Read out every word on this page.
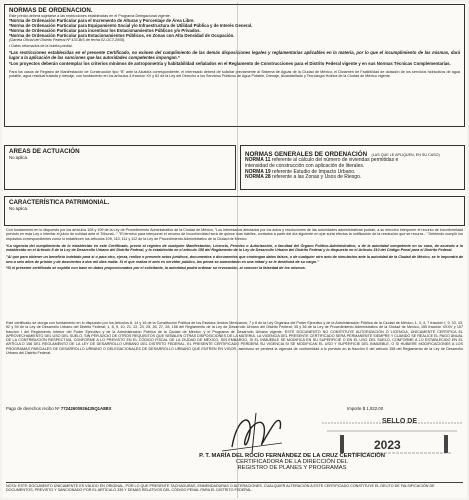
NORMAS DE ORDENACION.
Este predio deberá sujetarse a las restricciones establecidas en el Programa Delegacional vigente.
*Norma de Ordenación Particular para el Incremento de Alturas y Porcentaje de Área Libre.
*Norma de Ordenación Particular para Equipamiento Social y/o Infraestructura de Utilidad Pública y de Interés General.
*Norma de Ordenación Particular para incentivar los Estacionamientos Públicos y/o Privados.
*Norma de Ordenación Particular para Estacionamientos Públicos, en Zonas con Alta Densidad de Ocupación.
(Gaceta Oficial del Distrito Federal Nº 433-BIS de fecha 02-OCT-2008).
• Datos retomados de la boleta predial.
*Las restricciones establecidas en el presente Certificado, no eximen del cumplimiento de las demás disposiciones legales y reglamentarias aplicables en la materia, por lo que el incumplimiento de las mismas, dará lugar a la aplicación de las sanciones que las autoridades competentes impongan.*
*Los proyectos deberán contemplar los criterios mínimos de antropometría y habitabilidad señalados en el Reglamento de Construcciones para el Distrito Federal vigente y en sus Normas Técnicas Complementarias.
Para los casos de Registro de Manifestación de Construcción tipo "B" ante la Alcaldía correspondiente, el interesado deberá de solicitar previamente al Sistema de Aguas de la Ciudad de México, el Dictamen de Factibilidad de dotación de los servicios hidráulicos de agua potable, agua residual tratada y drenaje, con fundamento en los artículos 4 fracción XV y 62 de la Ley del Derecho a los Servicios Públicos de Agua Potable, Drenaje, Alcantarillado y Tecnología Hídrica de la Ciudad de México vigente.
AREAS DE ACTUACIÓN
No aplica.	NORMAS GENERALES DE ORDENACIÓN (LAS QUE LE APLIQUEN, EN SU CASO)
NORMA 11 referente al cálculo del número de viviendas permitidas e
intensidad de construcción con aplicación de literales.
NORMA 19 referente Estudio de Impacto Urbano.
NORMA 28 referente a las Zonas y Usos de Riesgo.
CARACTERÍSTICA PATRIMONIAL.
No aplica.
Con fundamento en lo dispuesto por los artículos 108 y 109 de la Ley de Procedimiento Administrativo de la Ciudad de México, "Los interesados afectados por los actos y resoluciones de las autoridades administrativas podrán, a su elección interponer el recurso de inconformidad previsto en esta Ley o intentar el juicio de nulidad ante el Tribunal..." "El término para interponer el recurso de inconformidad será de quince días hábiles, contados a partir del día siguiente en que surta efectos la notificación de la resolución que se recurra..." Debiendo cumplir los requisitos correspondientes como lo establecen los artículos 109, 110, 111 y 112 de la Ley de Procedimiento Administrativo de la Ciudad de México.
*La vigencia del cumplimiento de lo establecido en este Certificado, previo al registro de cualquier Manifestación, Licencia, Permiso o Autorización, a facultad del Órgano Político-Administrativo, o de la autoridad competente en su caso, de acuerdo a lo establecido en el Artículo 8 de la Ley de Desarrollo Urbano del Distrito Federal, y lo establecido en el artículo 158 del Reglamento de la Ley de Desarrollo Urbano del Distrito Federal y lo dispuesto en el Artículo 310 del Código Penal para el Distrito Federal.
"Al que para obtener un beneficio indebido para sí o para otro, ejerza, realice o presente actos jurídicos, documentos o documentos que contengan datos falsos, o de cualquier otro acto de simulación ante la autoridad de la Ciudad de México, se le impondrá de uno a seis años de prisión y de doscientos a dos mil días multa. Si el que realiza el acto es servidor público, las penas se aumentarán en una mitad y se le destituirá de su cargo."
*Si el presente certificado se expidió con base en datos proporcionados por el solicitante, la autoridad podrá ordenar su revocación, al conocer la falsedad de los mismos.
Este certificado se otorga con fundamento en lo dispuesto por los Artículos 8, 14 y 16 de la Constitución Política de los Estados Unidos Mexicanos; 7 y 8 de la Ley Orgánica del Poder Ejecutivo y de la Administración Pública de la Ciudad de México; 1, 3, 4, 7 fracción I, 9, 33, 43, 92 y 94 de la Ley de Desarrollo Urbano del Distrito Federal; 1, 8, 9, 10, 21, 22, 23, 25, 26, 27, 28, 158 del Reglamento de la Ley de Desarrollo Urbano del Distrito Federal; 35 y 36 de la Ley de Procedimiento Administrativo de la Ciudad de México; 155 fracción XXXV y 157 fracción I del Reglamento Interior del Poder Ejecutivo y de la Administración Pública de la Ciudad de México; y el Programa de Desarrollo Urbano vigente. ESTE DOCUMENTO NO CONSTITUYE AUTORIZACIÓN O LICENCIA, ÚNICAMENTE CERTIFICA EL APROVECHAMIENTO DEL USO DEL SUELO, SIN PERJUICIO DE OTROS REQUISITOS QUE SEÑALEN OTRAS DISPOSICIONES DE LA MATERIA. LA VIGENCIA DEL PRESENTE CERTIFICADO SERÁ PERMANENTE SIEMPRE Y CUANDO SE REALICE EL PAGO ANUAL DE LA CONTRIBUCIÓN RESPECTIVA, CONFORME A LO PREVISTO EN EL CÓDIGO FISCAL DE LA CIUDAD DE MÉXICO, SIN EMBARGO, SI EL INMUEBLE SE MODIFICA EN SU SUPERFICIE O EN EL USO DEL SUELO, CONFORME A LO ESTABLECIDO EN EL ARTÍCULO 158 DEL REGLAMENTO DE LA LEY DE DESARROLLO URBANO DEL DISTRITO FEDERAL, EL PRESENTE CERTIFICADO PERDERÁ SU VIGENCIA SI SE MODIFICAN EL USO Y SUPERFICIE DEL INMUEBLE, O SI HUBIERE MODIFICACIONES A LOS PROGRAMAS PARCIALES DE DESARROLLO URBANO O DELEGACIONALES DE DESARROLLO URBANO QUE ENTREN EN VIGOR, asimismo se perderá la vigencia de conformidad a lo previsto en la fracción II del artículo 158 del Reglamento de la Ley de Desarrollo Urbano del Distrito Federal.
Pago de derechos recibo Nº 77242600926435Q1A8BX	Importe $ 1,822.00
SELLO DE
2023
P. T. MARÍA DEL ROCÍO FERNÁNDEZ DE LA CRUZ CERTIFICACIÓN
CERTIFICADORA DE LA DIRECCIÓN DEL
REGISTRO DE PLANES Y PROGRAMAS
NOTA: ESTE DOCUMENTO ÚNICAMENTE ES VÁLIDO EN ORIGINAL, POR LO QUE PRESENTE TACHADURAS, ENMENDADURAS O ALTERACIONES. CUALQUIER ALTERACIÓN A ESTE CERTIFICADO CONSTITUYE EL DELITO DE FALSIFICACIÓN DE DOCUMENTOS, PREVISTO Y SANCIONADO POR EL ARTÍCULO 339 Y DEMÁS RELATIVOS DEL CÓDIGO PENAL PARA EL DISTRITO FEDERAL.
